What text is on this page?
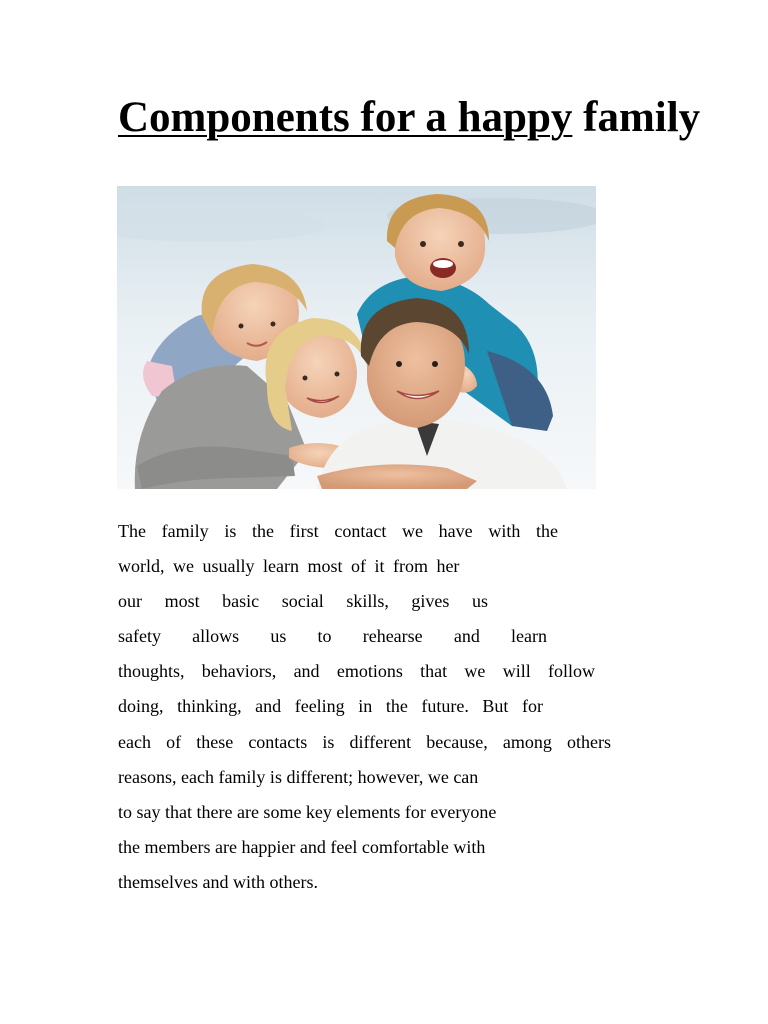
Components for a happy family

The family is the first contact we have with the
world, we usually learn most of it from her
our most basic social skills, gives us
safety allows us to rehearse and learn
thoughts, behaviors, and emotions that we will follow
doing, thinking, and feeling in the future. But for
each of these contacts is different because, among others
reasons, each family is different; however, we can
to say that there are some key elements for everyone
the members are happier and feel comfortable with
themselves and with others.
